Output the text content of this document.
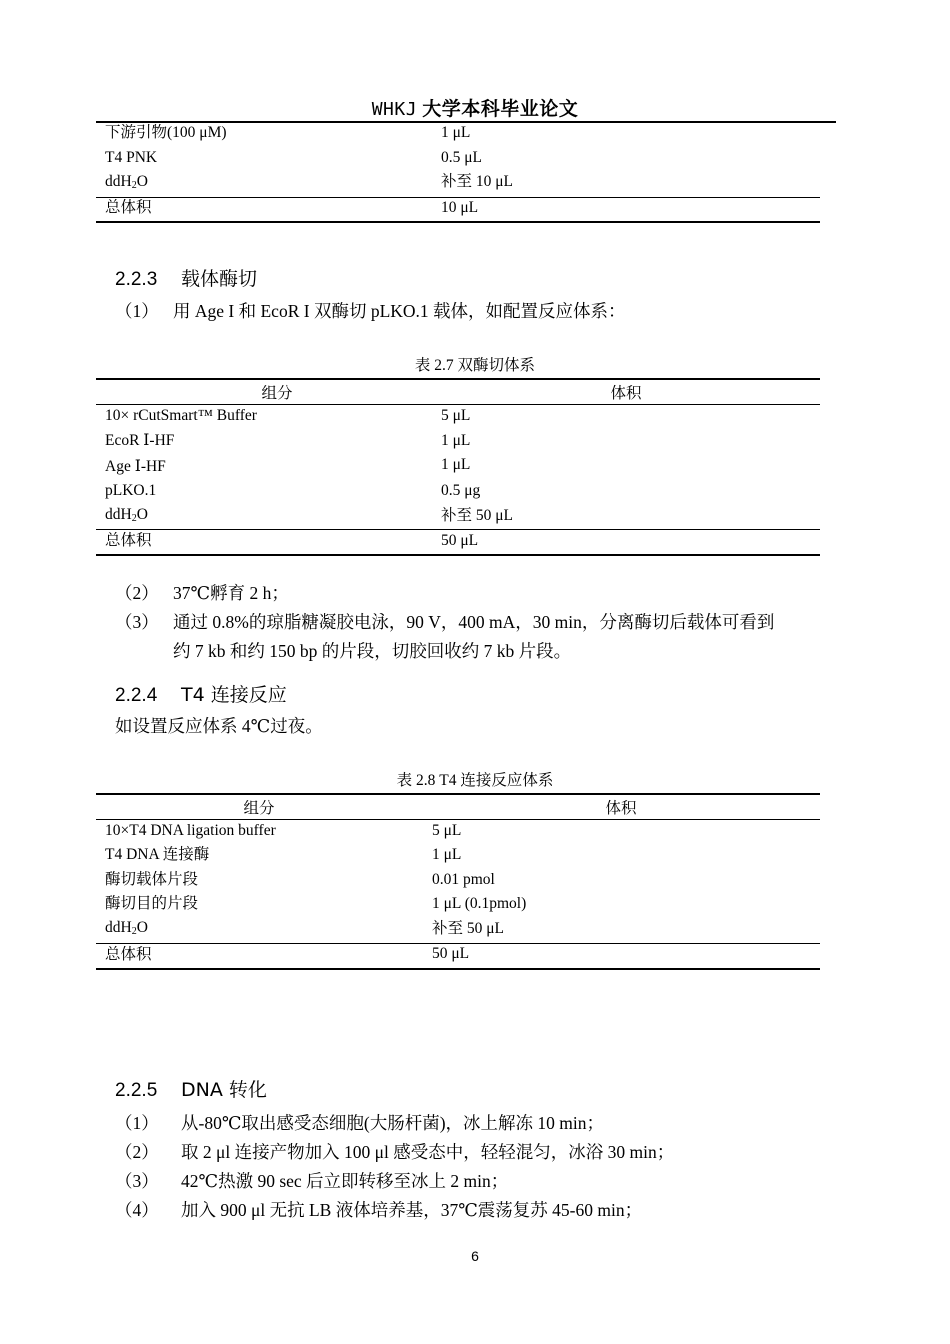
WHKJ 大学本科毕业论文
下游引物(100 μM)	1 μL
T4 PNK	0.5 μL
ddH$_2$O	补至 10 μL
总体积	10 μL
2.2.3 载体酶切
（1） 用 Age I 和 EcoR I 双酶切 pLKO.1 载体，如配置反应体系：
表 2.7 双酶切体系
组分	体积
10× rCutSmart™ Buffer	5 μL
EcoR Ⅰ-HF	1 μL
Age Ⅰ-HF	1 μL
pLKO.1	0.5 μg
ddH$_2$O	补至 50 μL
总体积	50 μL
（2） 37℃孵育 2 h；
（3） 通过 0.8%的琼脂糖凝胶电泳，90 V，400 mA，30 min，分离酶切后载体可看到
约 7 kb 和约 150 bp 的片段，切胶回收约 7 kb 片段。
2.2.4 T4 连接反应
如设置反应体系 4℃过夜。
表 2.8 T4 连接反应体系
组分	体积
10×T4 DNA ligation buffer	5 μL
T4 DNA 连接酶	1 μL
酶切载体片段	0.01 pmol
酶切目的片段	1 μL (0.1pmol)
ddH$_2$O	补至 50 μL
总体积	50 μL
2.2.5 DNA 转化
（1） 从-80℃取出感受态细胞(大肠杆菌)，冰上解冻 10 min；
（2） 取 2 μl 连接产物加入 100 μl 感受态中，轻轻混匀，冰浴 30 min；
（3） 42℃热激 90 sec 后立即转移至冰上 2 min；
（4） 加入 900 μl 无抗 LB 液体培养基，37℃震荡复苏 45-60 min；
6
